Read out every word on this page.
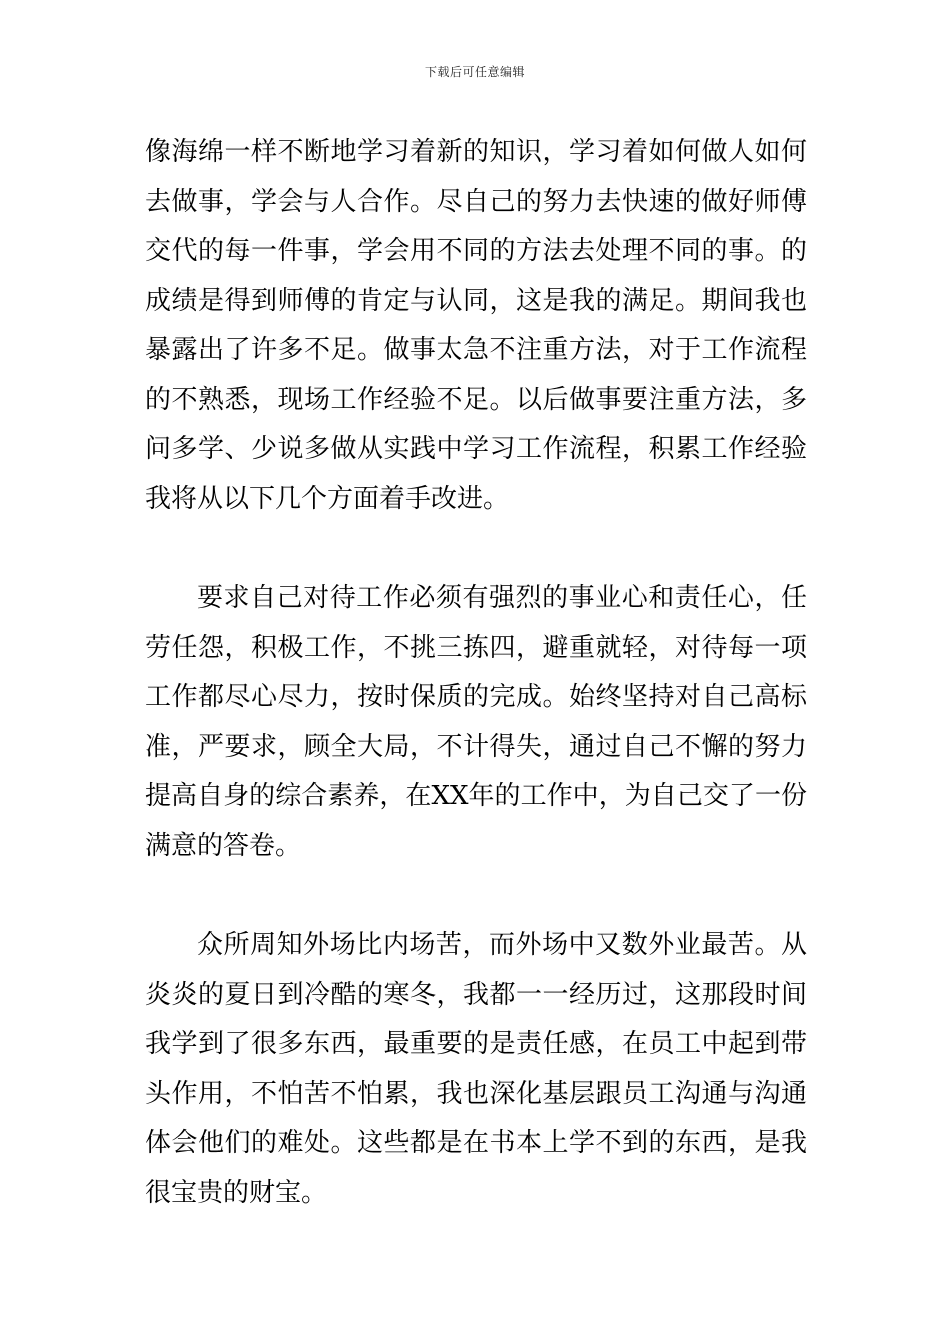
下载后可任意编辑

像海绵一样不断地学习着新的知识，学习着如何做人如何去做事，学会与人合作。尽自己的努力去快速的做好师傅交代的每一件事，学会用不同的方法去处理不同的事。的成绩是得到师傅的肯定与认同，这是我的满足。期间我也暴露出了许多不足。做事太急不注重方法，对于工作流程的不熟悉，现场工作经验不足。以后做事要注重方法，多问多学、少说多做从实践中学习工作流程，积累工作经验我将从以下几个方面着手改进。

要求自己对待工作必须有强烈的事业心和责任心，任劳任怨，积极工作，不挑三拣四，避重就轻，对待每一项工作都尽心尽力，按时保质的完成。始终坚持对自己高标准，严要求，顾全大局，不计得失，通过自己不懈的努力提高自身的综合素养，在XX年的工作中，为自己交了一份满意的答卷。

众所周知外场比内场苦，而外场中又数外业最苦。从炎炎的夏日到冷酷的寒冬，我都一一经历过，这那段时间我学到了很多东西，最重要的是责任感，在员工中起到带头作用，不怕苦不怕累，我也深化基层跟员工沟通与沟通体会他们的难处。这些都是在书本上学不到的东西，是我很宝贵的财宝。
